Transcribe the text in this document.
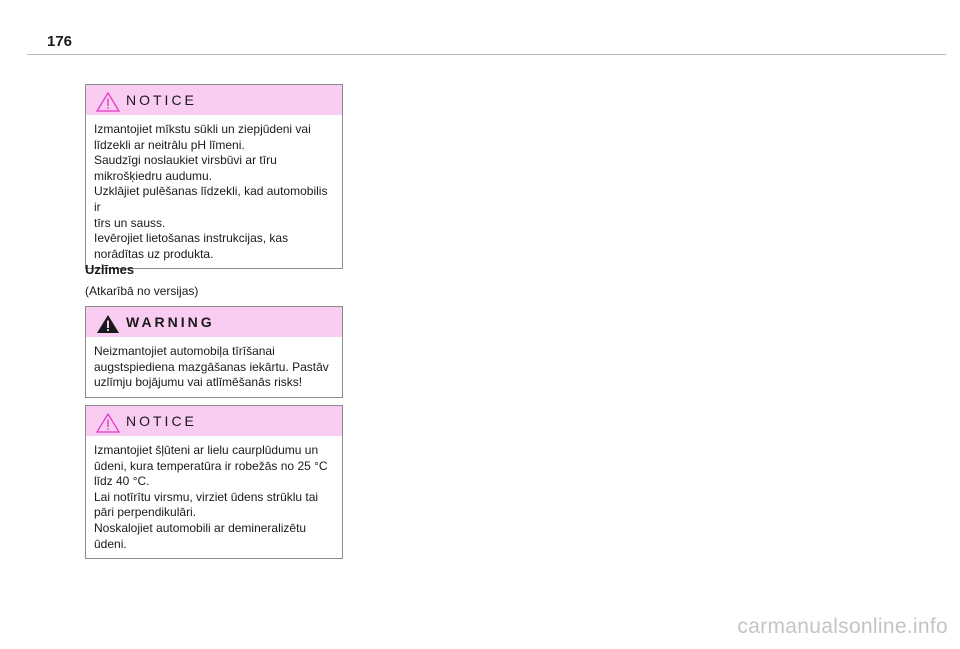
176
NOTICE
Izmantojiet mīkstu sūkli un ziepjūdeni vai
līdzekli ar neitrālu pH līmeni.
Saudzīgi noslaukiet virsbūvi ar tīru
mikrošķiedru audumu.
Uzklājiet pulēšanas līdzekli, kad automobilis ir
tīrs un sauss.
Ievērojiet lietošanas instrukcijas, kas
norādītas uz produkta.
Uzlīmes
(Atkarībā no versijas)
WARNING
Neizmantojiet automobiļa tīrīšanai
augstspiediena mazgāšanas iekārtu. Pastāv
uzlīmju bojājumu vai atlīmēšanās risks!
NOTICE
Izmantojiet šļūteni ar lielu caurplūdumu un
ūdeni, kura temperatūra ir robežās no 25 °C
līdz 40 °C.
Lai notīrītu virsmu, virziet ūdens strūklu tai
pāri perpendikulāri.
Noskalojiet automobili ar demineralizētu
ūdeni.
carmanualsonline.info
